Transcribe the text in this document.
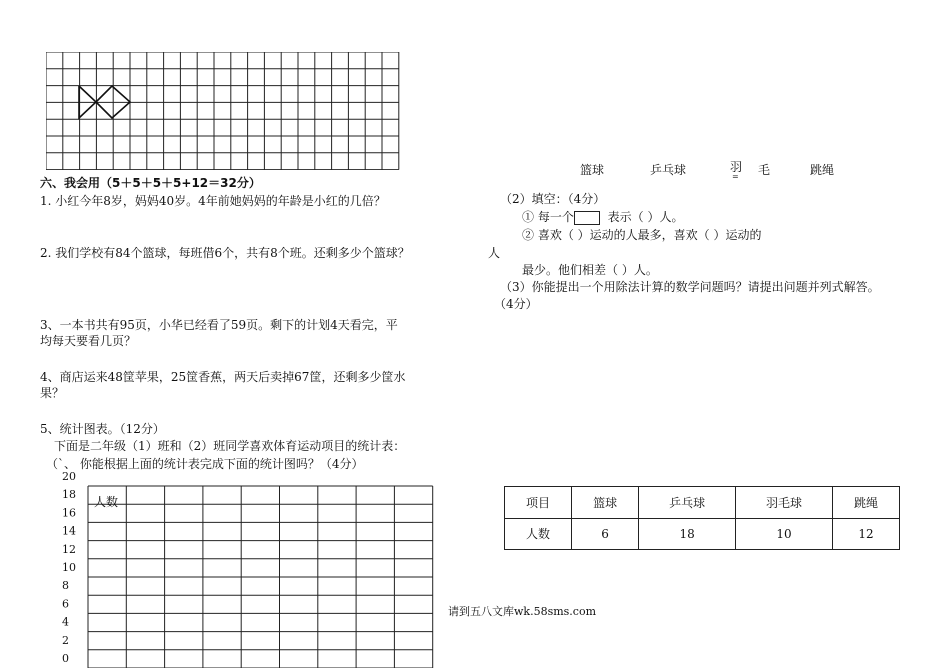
六、我会用（5＋5＋5＋5+12＝32分）
1. 小红今年8岁，妈妈40岁。4年前她妈妈的年龄是小红的几倍？
2. 我们学校有84个篮球，每班借6个，共有8个班。还剩多少个篮球？
3、一本书共有95页，小华已经看了59页。剩下的计划4天看完，平
均每天要看几页？
4、商店运来48筐苹果，25筐香蕉，两天后卖掉67筐，还剩多少筐水
果？
5、统计图表。（12分）
下面是二年级（1）班和（2）班同学喜欢体育运动项目的统计表：
（`、 你能根据上面的统计表完成下面的统计图吗？（4分）
20
18
16
14
12
10
8
6
4
2
0
人数
篮球	乒乓球	羽
= 毛	跳绳
（2）填空：（4分）
① 每一个	表示（ ）人。
② 喜欢（ ）运动的人最多，喜欢（ ）运动的
人
最少。他们相差（ ）人。
（3）你能提出一个用除法计算的数学问题吗？请提出问题并列式解答。
（4分）
项目	篮球	乒乓球	羽毛球	跳绳
人数	6	18	10	12
请到五八文库wk.58sms.com
